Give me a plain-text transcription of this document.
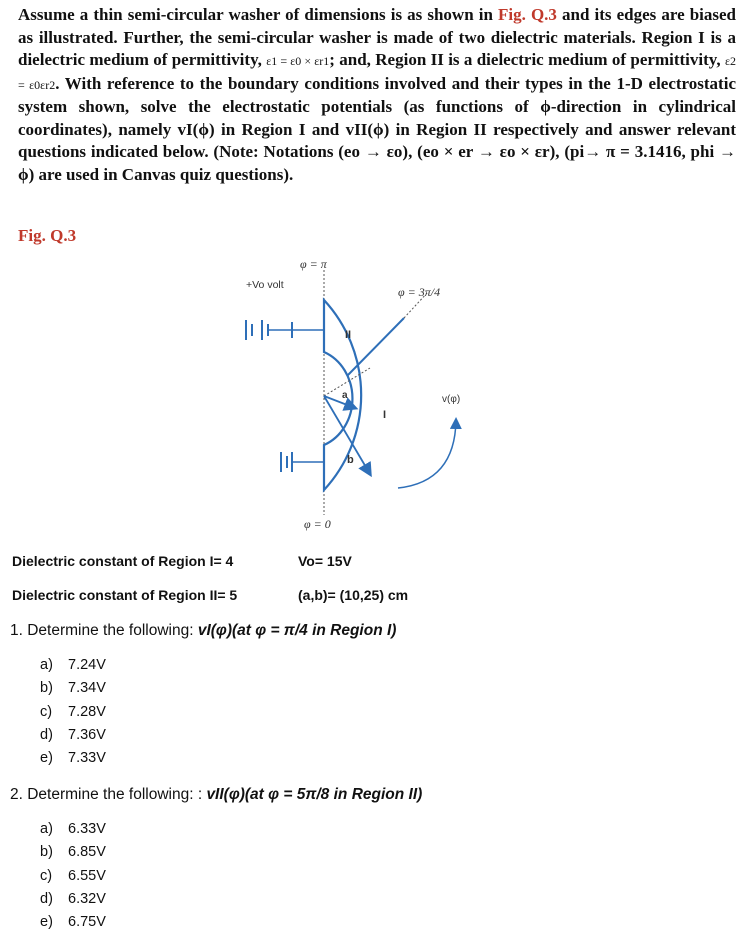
Assume a thin semi-circular washer of dimensions is as shown in Fig. Q.3 and its edges are biased as illustrated. Further, the semi-circular washer is made of two dielectric materials. Region I is a dielectric medium of permittivity, ε1 = ε0 × εr1; and, Region II is a dielectric medium of permittivity, ε2 = ε0εr2. With reference to the boundary conditions involved and their types in the 1-D electrostatic system shown, solve the electrostatic potentials (as functions of ϕ-direction in cylindrical coordinates), namely vI(ϕ) in Region I and vII(ϕ) in Region II respectively and answer relevant questions indicated below. (Note: Notations (eo → εo), (eo × er → εo × εr), (pi→ π = 3.1416, phi → ϕ) are used in Canvas quiz questions).
Fig. Q.3
φ = π
φ = 3π/4
φ = 0
+Vo volt
II
I
a
b
v(φ)
Dielectric constant of Region I= 4
Dielectric constant of Region II= 5
Vo= 15V
(a,b)= (10,25) cm
1. Determine the following: vI(φ)(at φ = π/4 in Region I)
a) 7.24V
b) 7.34V
c) 7.28V
d) 7.36V
e) 7.33V
2. Determine the following: : vII(φ)(at φ = 5π/8 in Region II)
a) 6.33V
b) 6.85V
c) 6.55V
d) 6.32V
e) 6.75V
